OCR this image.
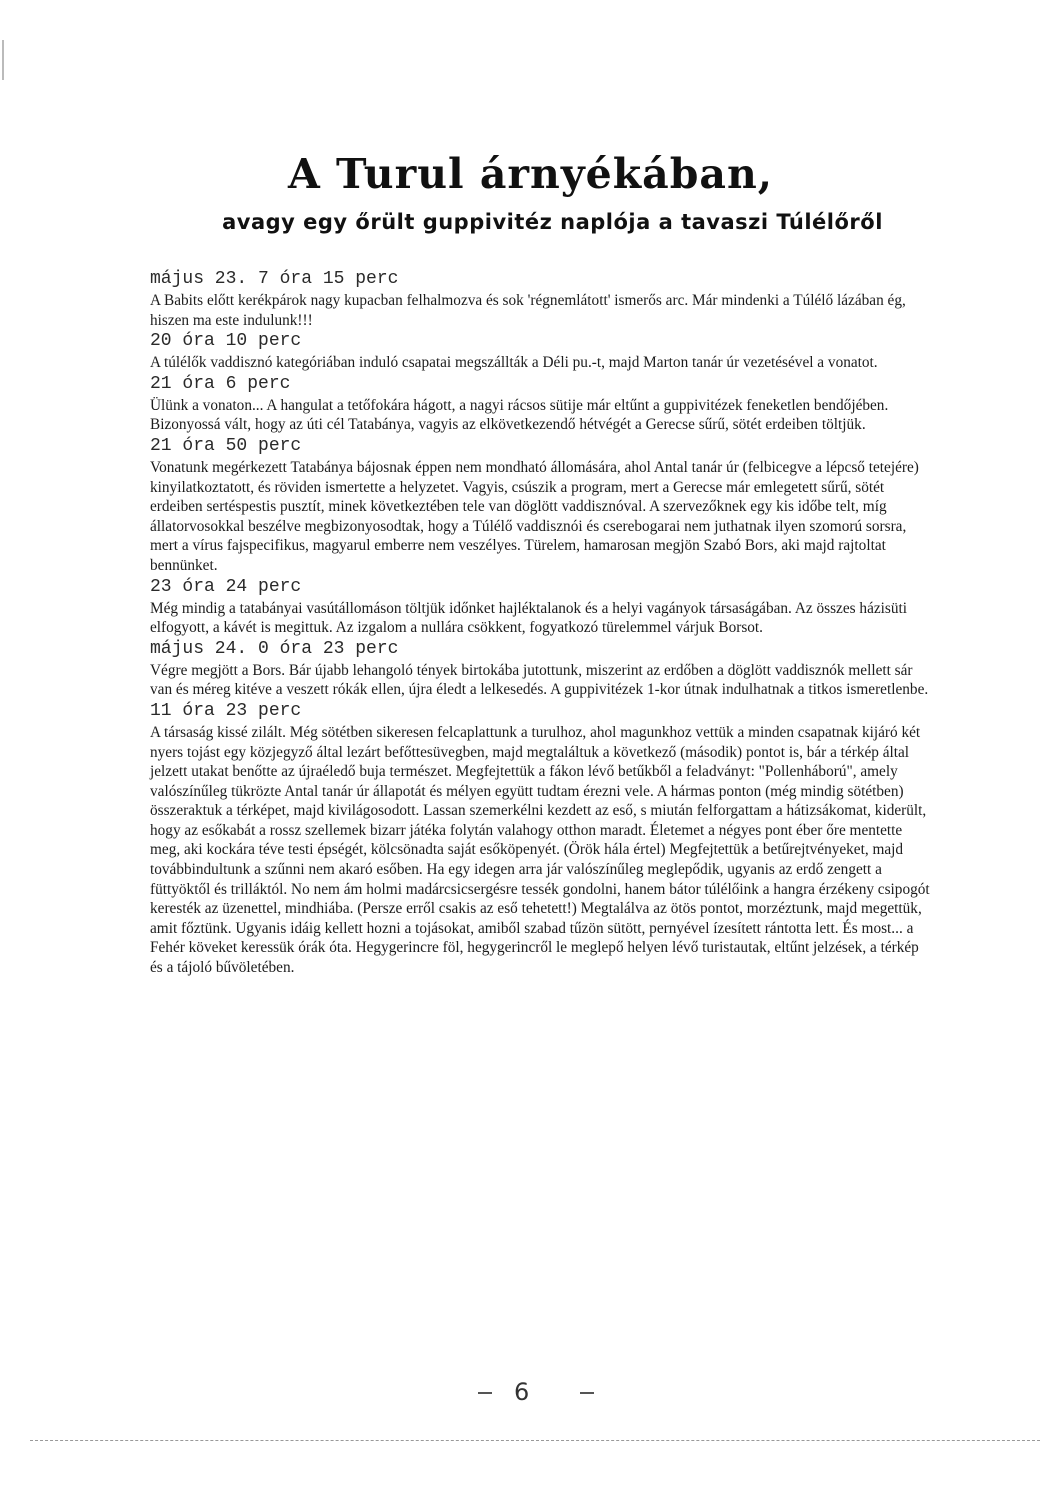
A Turul árnyékában,
avagy egy őrült guppivitéz naplója a tavaszi Túlélőről
május 23. 7 óra 15 perc
A Babits előtt kerékpárok nagy kupacban felhalmozva és sok 'régnemlátott' ismerős arc. Már mindenki a Túlélő lázában ég, hiszen ma este indulunk!!!
20 óra 10 perc
A túlélők vaddisznó kategóriában induló csapatai megszállták a Déli pu.-t, majd Marton tanár úr vezetésével a vonatot.
21 óra 6 perc
Ülünk a vonaton... A hangulat a tetőfokára hágott, a nagyi rácsos sütije már eltűnt a guppivitézek feneketlen bendőjében. Bizonyossá vált, hogy az úti cél Tatabánya, vagyis az elkövetkezendő hétvégét a Gerecse sűrű, sötét erdeiben töltjük.
21 óra 50 perc
Vonatunk megérkezett Tatabánya bájosnak éppen nem mondható állomására, ahol Antal tanár úr (felbicegve a lépcső tetejére) kinyilatkoztatott, és röviden ismertette a helyzetet. Vagyis, csúszik a program, mert a Gerecse már emlegetett sűrű, sötét erdeiben sertéspestis pusztít, minek következtében tele van döglött vaddisznóval. A szervezőknek egy kis időbe telt, míg állatorvosokkal beszélve megbizonyosodtak, hogy a Túlélő vaddisznói és cserebogarai nem juthatnak ilyen szomorú sorsra, mert a vírus fajspecifikus, magyarul emberre nem veszélyes. Türelem, hamarosan megjön Szabó Bors, aki majd rajtoltat bennünket.
23 óra 24 perc
Még mindig a tatabányai vasútállomáson töltjük időnket hajléktalanok és a helyi vagányok társaságában. Az összes házisüti elfogyott, a kávét is megittuk. Az izgalom a nullára csökkent, fogyatkozó türelemmel várjuk Borsot.
május 24. 0 óra 23 perc
Végre megjött a Bors. Bár újabb lehangoló tények birtokába jutottunk, miszerint az erdőben a döglött vaddisznók mellett sár van és méreg kitéve a veszett rókák ellen, újra éledt a lelkesedés. A guppivitézek 1-kor útnak indulhatnak a titkos ismeretlenbe.
11 óra 23 perc
A társaság kissé zilált. Még sötétben sikeresen felcaplattunk a turulhoz, ahol magunkhoz vettük a minden csapatnak kijáró két nyers tojást egy közjegyző által lezárt befőttesüvegben, majd megtaláltuk a következő (második) pontot is, bár a térkép által jelzett utakat benőtte az újraéledő buja természet. Megfejtettük a fákon lévő betűkből a feladványt: "Pollenháború", amely valószínűleg tükrözte Antal tanár úr állapotát és mélyen együtt tudtam érezni vele. A hármas ponton (még mindig sötétben) összeraktuk a térképet, majd kivilágosodott. Lassan szemerkélni kezdett az eső, s miután felforgattam a hátizsákomat, kiderült, hogy az esőkabát a rossz szellemek bizarr játéka folytán valahogy otthon maradt. Életemet a négyes pont éber őre mentette meg, aki kockára téve testi épségét, kölcsönadta saját esőköpenyét. (Örök hála értel) Megfejtettük a betűrejtvényeket, majd továbbindultunk a szűnni nem akaró esőben. Ha egy idegen arra jár valószínűleg meglepődik, ugyanis az erdő zengett a füttyöktől és trilláktól. No nem ám holmi madárcsicsergésre tessék gondolni, hanem bátor túlélőink a hangra érzékeny csipogót keresték az üzenettel, mindhiába. (Persze erről csakis az eső tehetett!) Megtalálva az ötös pontot, morzéztunk, majd megettük, amit főztünk. Ugyanis idáig kellett hozni a tojásokat, amiből szabad tűzön sütött, pernyével ízesített rántotta lett. És most... a Fehér köveket keressük órák óta. Hegygerincre föl, hegygerincről le meglepő helyen lévő turistautak, eltűnt jelzések, a térkép és a tájoló bűvöletében.
6
